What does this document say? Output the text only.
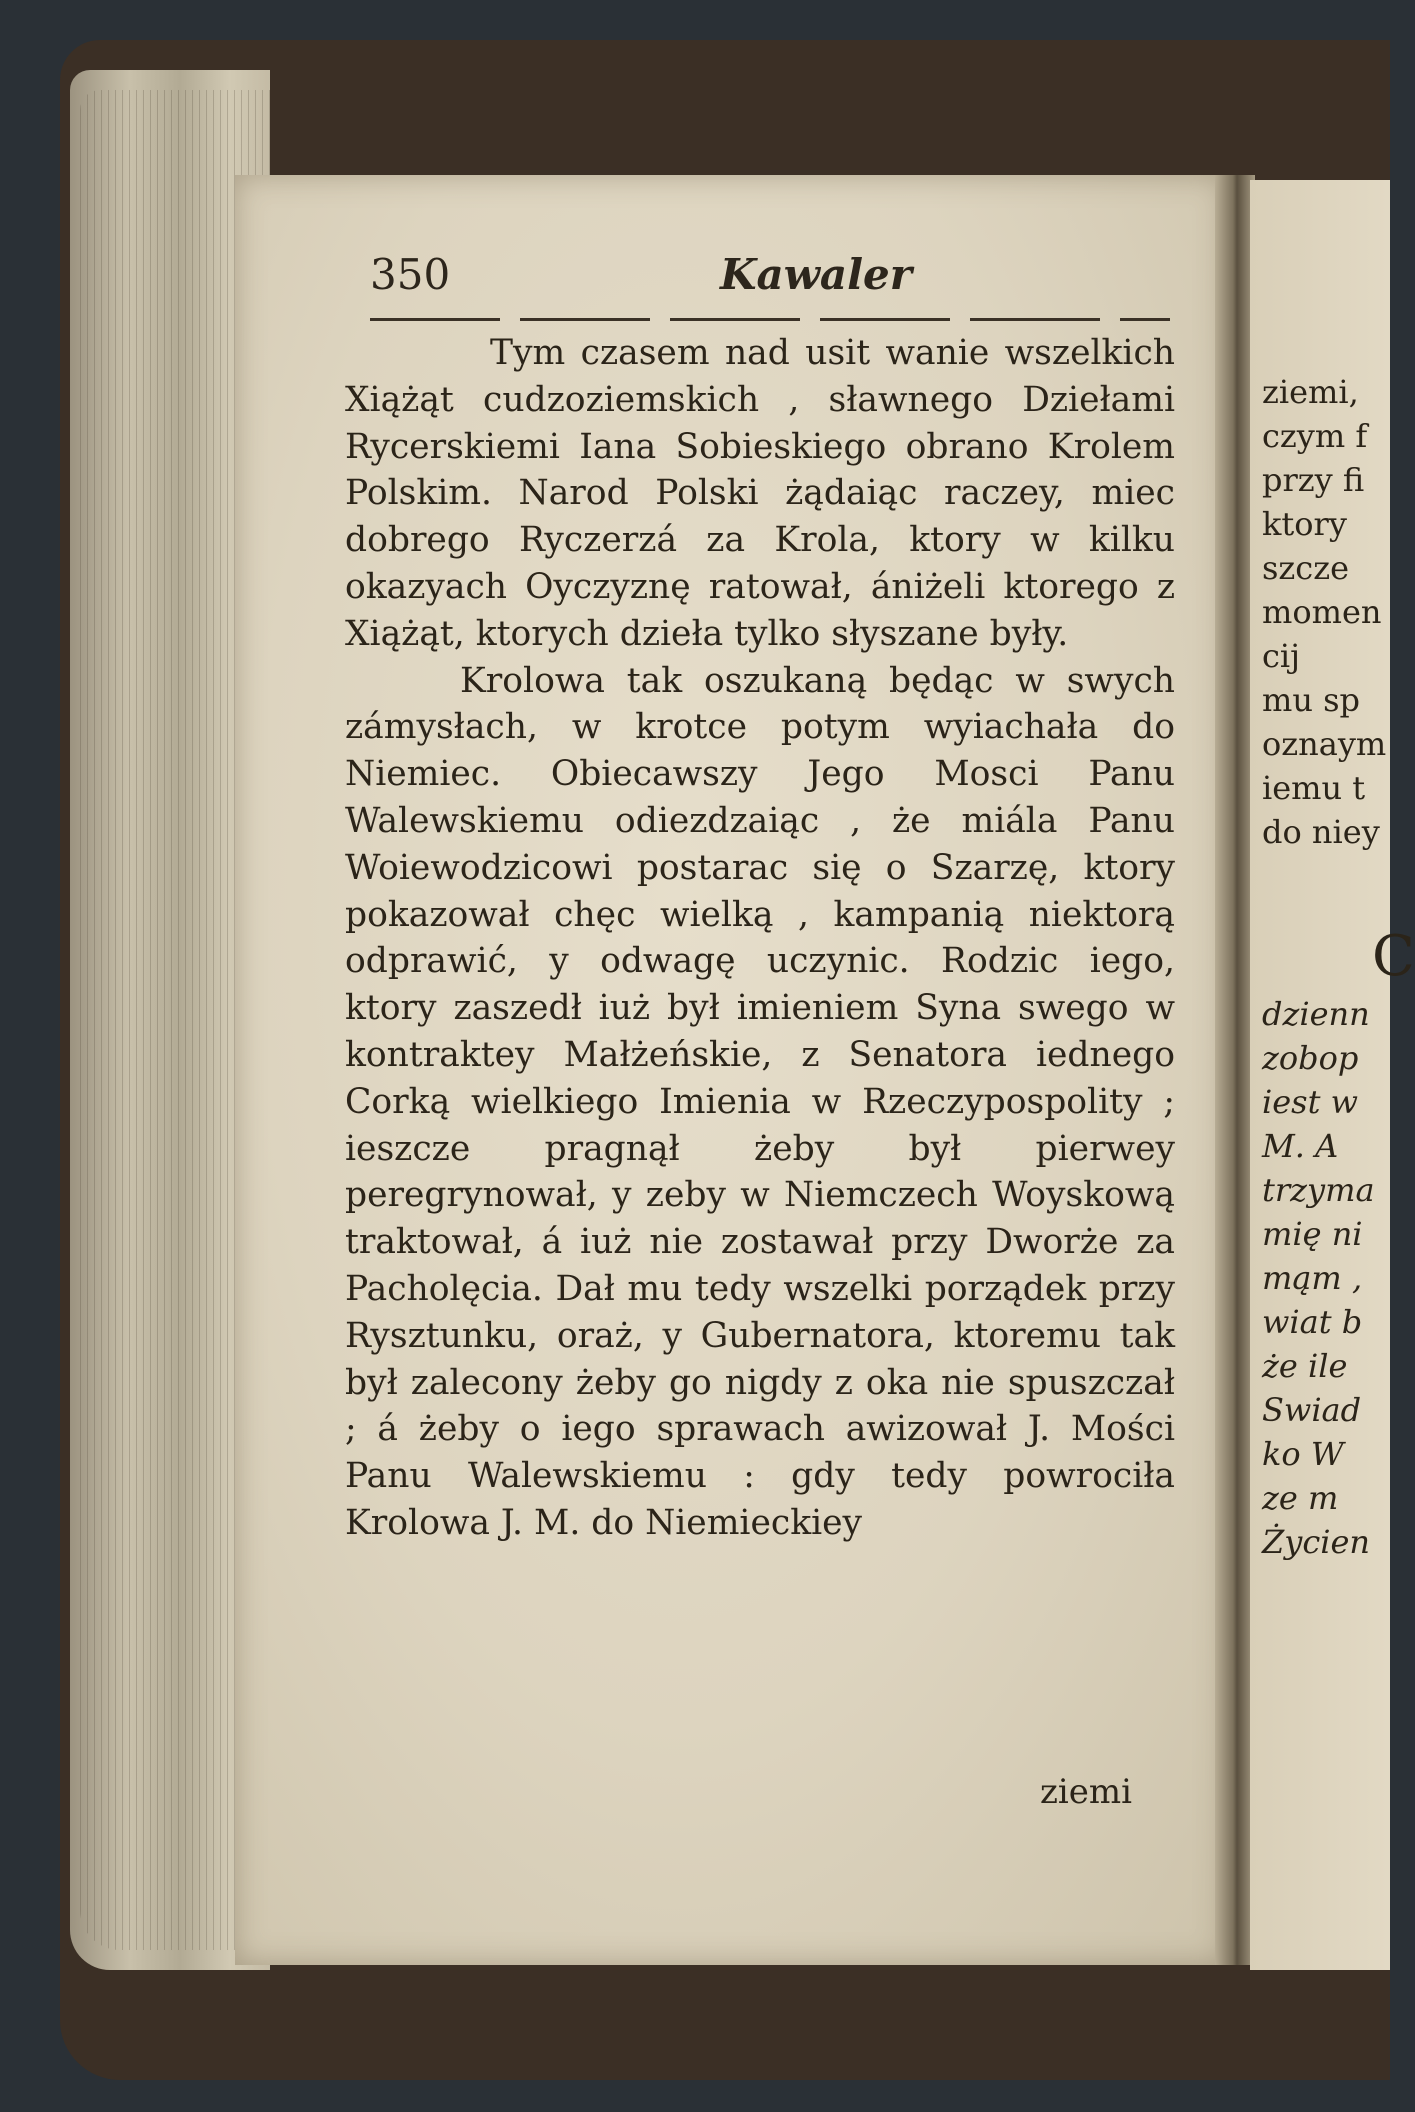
350	Kawaler

Tym czasem nad usit wanie wszelkich Xiążąt cudzoziemskich , sławnego Dziełami Rycerskiemi Iana Sobieskiego obrano Krolem Polskim. Narod Polski żądaiąc raczey, miec dobrego Ryczerzá za Krola, ktory w kilku okazyach Oyczyznę ratował, ániżeli ktorego z Xiążąt, ktorych dzieła tylko słyszane były.

Krolowa tak oszukaną będąc w swych zámysłach, w krotce potym wyiachała do Niemiec. Obiecawszy Jego Mosci Panu Walewskiemu odiezdzaiąc , że miála Panu Woiewodzicowi postarac się o Szarzę, ktory pokazował chęc wielką , kampanią niektorą odprawić, y odwagę uczynic. Rodzic iego, ktory zaszedł iuż był imieniem Syna swego w kontraktey Małżeńskie, z Senatora iednego Corką wielkiego Imienia w Rzeczypospolity ; ieszcze pragnął żeby był pierwey peregrynował, y zeby w Niemczech Woyskową traktował, á iuż nie zostawał przy Dworże za Pacholęcia. Dał mu tedy wszelki porządek przy Rysztunku, oraż, y Gubernatora, ktoremu tak był zalecony żeby go nigdy z oka nie spuszczał ; á żeby o iego sprawach awizował J. Mości Panu Walewskiemu : gdy tedy powrociła Krolowa J. M. do Niemieckiey

ziemi
ziemi,
czym f
przy fi
ktory
szcze
momen
cij
mu sp
oznaym
iemu t
do niey
C
dzienn
zobop
iest w
M. A
trzyma
mię ni
mąm ,
wiat b
że ile
Swiad
ko W
ze m
Życien
